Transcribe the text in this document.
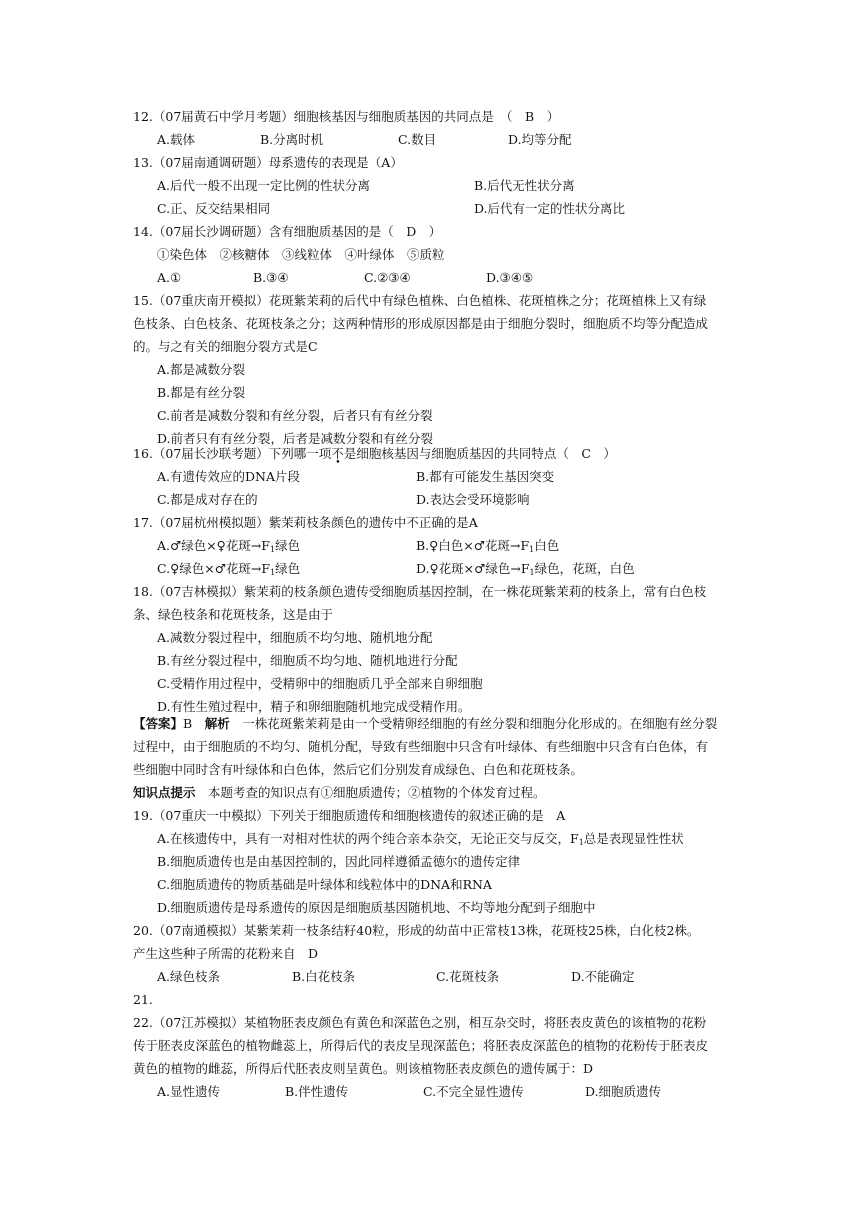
12.（07届黄石中学月考题）细胞核基因与细胞质基因的共同点是　（　B　）
A.载体	B.分离时机	C.数目	D.均等分配
13.（07届南通调研题）母系遗传的表现是（A）
A.后代一般不出现一定比例的性状分离	B.后代无性状分离
C.正、反交结果相同	D.后代有一定的性状分离比
14.（07届长沙调研题）含有细胞质基因的是（　D　）
①染色体　②核糖体　③线粒体　④叶绿体　⑤质粒
A.①	B.③④	C.②③④	D.③④⑤
15.（07重庆南开模拟）花斑紫茉莉的后代中有绿色植株、白色植株、花斑植株之分；花斑植株上又有绿
色枝条、白色枝条、花斑枝条之分；这两种情形的形成原因都是由于细胞分裂时，细胞质不均等分配造成
的。与之有关的细胞分裂方式是C
A.都是减数分裂
B.都是有丝分裂
C.前者是减数分裂和有丝分裂，后者只有有丝分裂
D.前者只有有丝分裂，后者是减数分裂和有丝分裂
16.（07届长沙联考题）下列哪一项不是细胞核基因与细胞质基因的共同特点（　C　）
A.有遗传效应的DNA片段	B.都有可能发生基因突变
C.都是成对存在的	D.表达会受环境影响
17.（07届杭州模拟题）紫茉莉枝条颜色的遗传中不正确的是A
A.♂绿色×♀花斑$\to F_1$绿色	B.♀白色×♂花斑$\to F_1$白色
C.♀绿色×♂花斑$\to F_1$绿色	D.♀花斑×♂绿色$\to F_1$绿色，花斑，白色
18.（07吉林模拟）紫茉莉的枝条颜色遗传受细胞质基因控制，在一株花斑紫茉莉的枝条上，常有白色枝
条、绿色枝条和花斑枝条，这是由于
A.减数分裂过程中，细胞质不均匀地、随机地分配
B.有丝分裂过程中，细胞质不均匀地、随机地进行分配
C.受精作用过程中，受精卵中的细胞质几乎全部来自卵细胞
D.有性生殖过程中，精子和卵细胞随机地完成受精作用。
【答案】B　解析　一株花斑紫茉莉是由一个受精卵经细胞的有丝分裂和细胞分化形成的。在细胞有丝分裂
过程中，由于细胞质的不均匀、随机分配，导致有些细胞中只含有叶绿体、有些细胞中只含有白色体，有
些细胞中同时含有叶绿体和白色体，然后它们分别发育成绿色、白色和花斑枝条。
知识点提示　本题考查的知识点有①细胞质遗传；②植物的个体发育过程。
19.（07重庆一中模拟）下列关于细胞质遗传和细胞核遗传的叙述正确的是　A
A.在核遗传中，具有一对相对性状的两个纯合亲本杂交，无论正交与反交，$F_1$总是表现显性性状
B.细胞质遗传也是由基因控制的，因此同样遵循孟德尔的遗传定律
C.细胞质遗传的物质基础是叶绿体和线粒体中的DNA和RNA
D.细胞质遗传是母系遗传的原因是细胞质基因随机地、不均等地分配到子细胞中
20.（07南通模拟）某紫茉莉一枝条结籽40粒，形成的幼苗中正常枝13株，花斑枝25株，白化枝2株。
产生这些种子所需的花粉来自　D
A.绿色枝条	B.白花枝条	C.花斑枝条	D.不能确定
21.
22.（07江苏模拟）某植物胚表皮颜色有黄色和深蓝色之别，相互杂交时，将胚表皮黄色的该植物的花粉
传于胚表皮深蓝色的植物雌蕊上，所得后代的表皮呈现深蓝色；将胚表皮深蓝色的植物的花粉传于胚表皮
黄色的植物的雌蕊，所得后代胚表皮则呈黄色。则该植物胚表皮颜色的遗传属于：D
A.显性遗传	B.伴性遗传	C.不完全显性遗传	D.细胞质遗传
